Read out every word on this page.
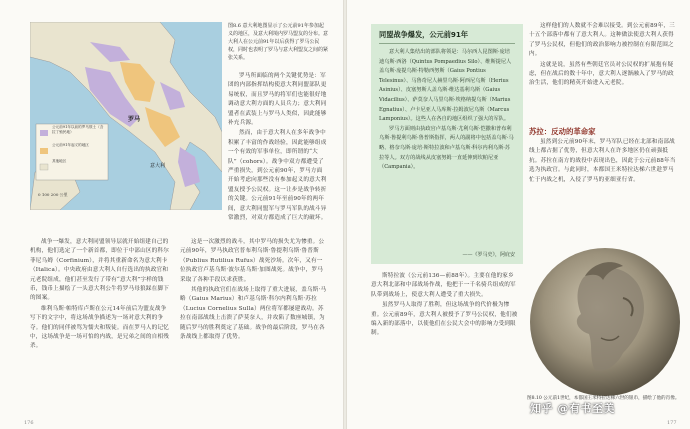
公元前91年以前的罗马领土（含拉丁殖民地）
公元前91年起义的地区
其他地区
罗马
意大利
0 100 200 公里
图8.6 意大利地图显示了公元前91年参加起义的地区，及意大利境内罗马盟友的分布。意大利人在公元前91年以后获得了罗马公民权，同时也表明了罗马与意大利盟友之间的紧张关系。

罗马所面临的两个关键优势是：军团的内部指挥结构使意大利同盟部队更易统驭，而且罗马的将军们也能很好地调动意大利方面的人员兵力；意大利同盟者在武装上与罗马人类似，因此能够补充兵源。

然而，由于意大利人在多年战争中积累了丰富的作战经验，因此能够组成一个有效的军事单位，即所谓的“大队”（cohors）。战争中双方都遭受了严重损失，到公元前90年，罗马方面开始考虑向那些没有参加起义的意大利盟友授予公民权。这一让步是战争转折的关键。公元前91年至前90年的两年间，意大利同盟军与罗马军队的战斗异常激烈，对双方都造成了巨大的破坏。

战争一爆发，意大利同盟领导层就开始组建自己的机构，他们选定了一个新首都，即位于中部山区的科尔菲尼乌姆（Corfinium），并将其重新命名为意大利卡（Italica）。中央政府由意大利人自行选出的执政官和元老院组成，他们甚至发行了带有“意大利”字样的钱币，钱币上描绘了一头意大利公牛将罗马母狼踩在脚下的图案。

维利乌斯·帕特库卢斯在公元14年前后为盟友战争写下的文字中，将这场战争描述为一场对意大利的争夺。他们的同伴被骂为懦夫和叛徒。而在罗马人的记忆中，这场战争是一场可怕的内战，是兄弟之间的自相残杀。

这是一次激烈的战斗，其中罗马的损失尤为惨重。公元前90年，罗马执政官普布利乌斯·鲁提利乌斯·鲁普斯（Publius Rutilius Rufus）战死沙场。次年，又有一位执政官卢基乌斯·波尔基乌斯·加图战死。战争中，罗马采取了各种手段以求获胜。

其他的执政官们在战场上取得了重大进展，盖乌斯·马略（Gaius Marius）和卢基乌斯·科尔内利乌斯·苏拉（Lucius Cornelius Sulla）两位将军都屡建战功。苏拉在南部战线上击溃了萨莫奈人，并攻陷了数座城镇，为随后罗马的胜利奠定了基础。战争的最后阶段，罗马在各条战线上都取得了优势。

176
同盟战争爆发，公元前91年

意大利人集结出的部队将领是：马尔西人昆图斯·庞培迪乌斯·西洛（Quintus Pompaedius Silo）、维斯提尼人盖乌斯·庞提乌斯·特勒西努斯（Gaius Pontius Telesinus）、马鲁奇尼人赫里乌斯·阿西尼乌斯（Herius Asinius）、皮塞努斯人盖乌斯·维达基利乌斯（Gaius Vidacilius）、萨莫奈人马里乌斯·埃格纳提乌斯（Marius Egnatius）、卢卡尼亚人马库斯·拉姆波尼乌斯（Marcus Lamponius）。这些人在各自的地区组织了强大的军队。

罗马方面则由执政官卢基乌斯·尤利乌斯·恺撒和普布利乌斯·鲁提利乌斯·鲁普斯指挥，两人的副将中包括盖乌斯·马略、格奈乌斯·庞培·斯特拉波和卢基乌斯·科尔内利乌斯·苏拉等人。双方的战线从皮塞努姆一直延伸到坎帕尼亚（Campania）。

——《罗马史》，阿庇安

这样他们的人数就不会难以接受。到公元前89年，三十五个部落中都有了意大利人。这种做法使意大利人获得了罗马公民权，但他们的政治影响力被控制在有限范围之内。

这就是说，虽然有些朝廷官员对公民权的扩展抱有疑虑，但在战后的数十年中，意大利人逐渐融入了罗马的政治生活，他们的精英开始进入元老院。

苏拉：反动的革命家

虽然到公元前90年末，罗马军队已经在北部和南部战线上都占据了优势，但意大利人在许多地区仍在顽强抵抗。苏拉在南方的战役中表现出色，因此于公元前88年当选为执政官。与此同时，本都国王米特拉达梯六世趁罗马忙于内战之机，入侵了罗马的亚细亚行省。

斯特拉波（公元前136—前88年）。主要在他的家乡意大利北部和中部战场作战，他把于一千名骑兵组成的军队带到战场上，使意大利人遭受了重大损失。

虽然罗马人取得了胜利，但这场战争的代价极为惨重。公元前89年，意大利人被授予了罗马公民权，他们被编入新的部落中，以使他们在公民大会中的影响力受到限制。

图8.10 公元前1世纪，本都国王米特拉达梯六世的银币，描绘了他的肖像。
177
知乎 @有书至美
